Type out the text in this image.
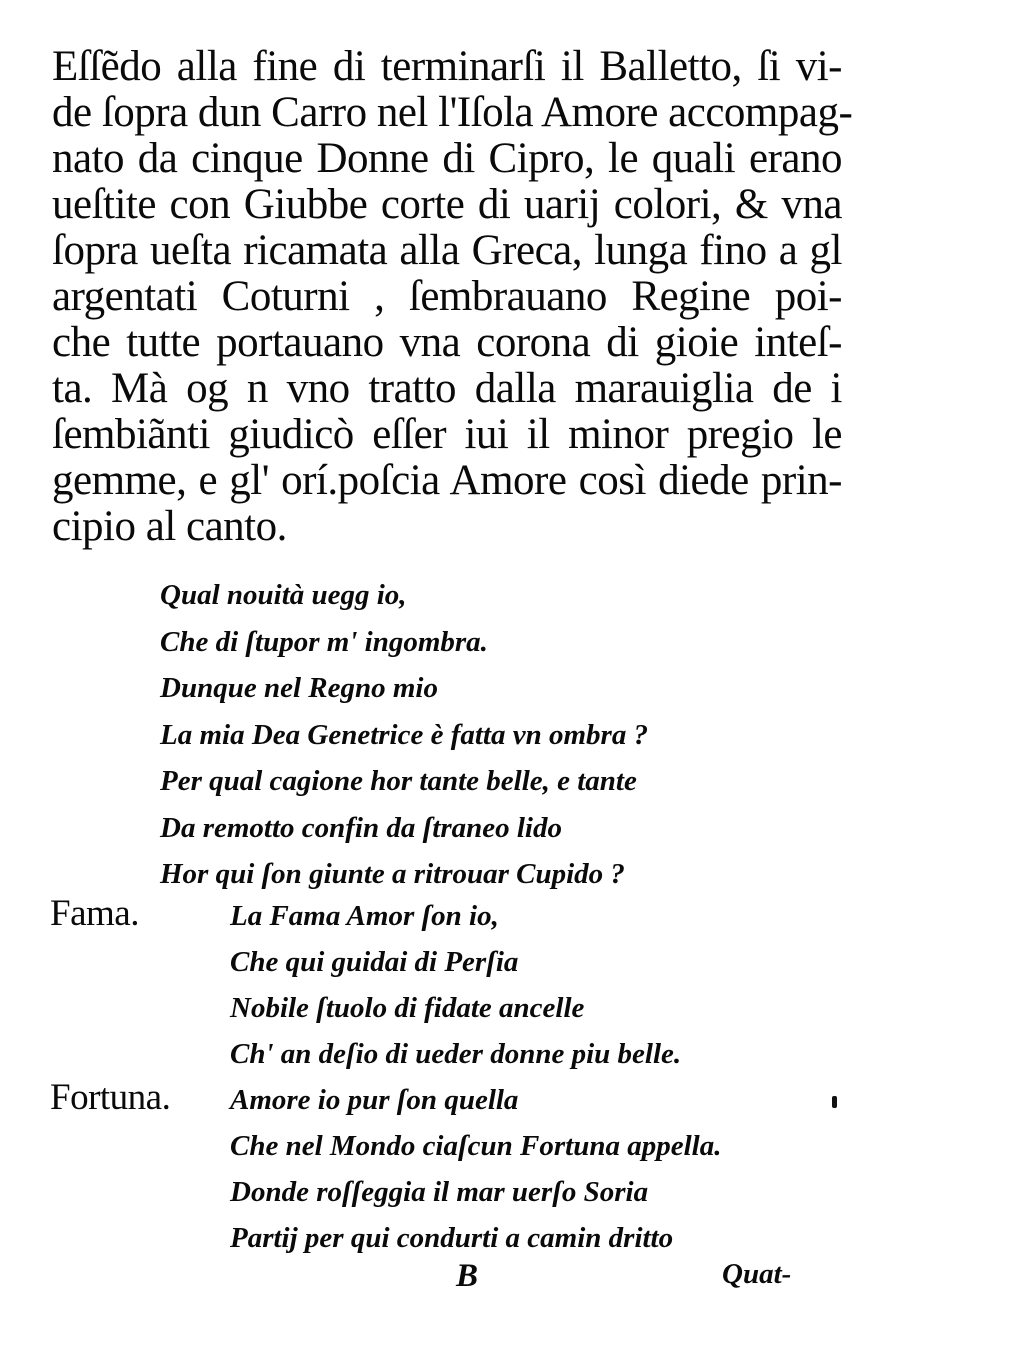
Eſſẽdo alla fine di terminarſi il Balletto, ſi vi-
de ſopra dun Carro nel l'Iſola Amore accompag-
nato da cinque Donne di Cipro, le quali erano
ueſtite con Giubbe corte di uarij colori, & vna
ſopra ueſta ricamata alla Greca, lunga fino a gl
argentati Coturni , ſembrauano Regine poi-
che tutte portauano vna corona di gioie inteſ-
ta. Mà og n vno tratto dalla marauiglia de i
ſembiãnti giudicò eſſer iui il minor pregio le
gemme, e gl' orí.poſcia Amore così diede prin-
cipio al canto.
Qual nouità uegg io,
Che di ſtupor m' ingombra.
Dunque nel Regno mio
La mia Dea Genetrice è fatta vn ombra ?
Per qual cagione hor tante belle, e tante
Da remotto confin da ſtraneo lido
Hor qui ſon giunte a ritrouar Cupido ?
Fama.	La Fama Amor ſon io,
Che qui guidai di Perſia
Nobile ſtuolo di fidate ancelle
Ch' an deſio di ueder donne piu belle.
Fortuna. Amore io pur ſon quella
Che nel Mondo ciaſcun Fortuna appella.
Donde roſſeggia il mar uerſo Soria
Partij per qui condurti a camin dritto
B	Quat-
